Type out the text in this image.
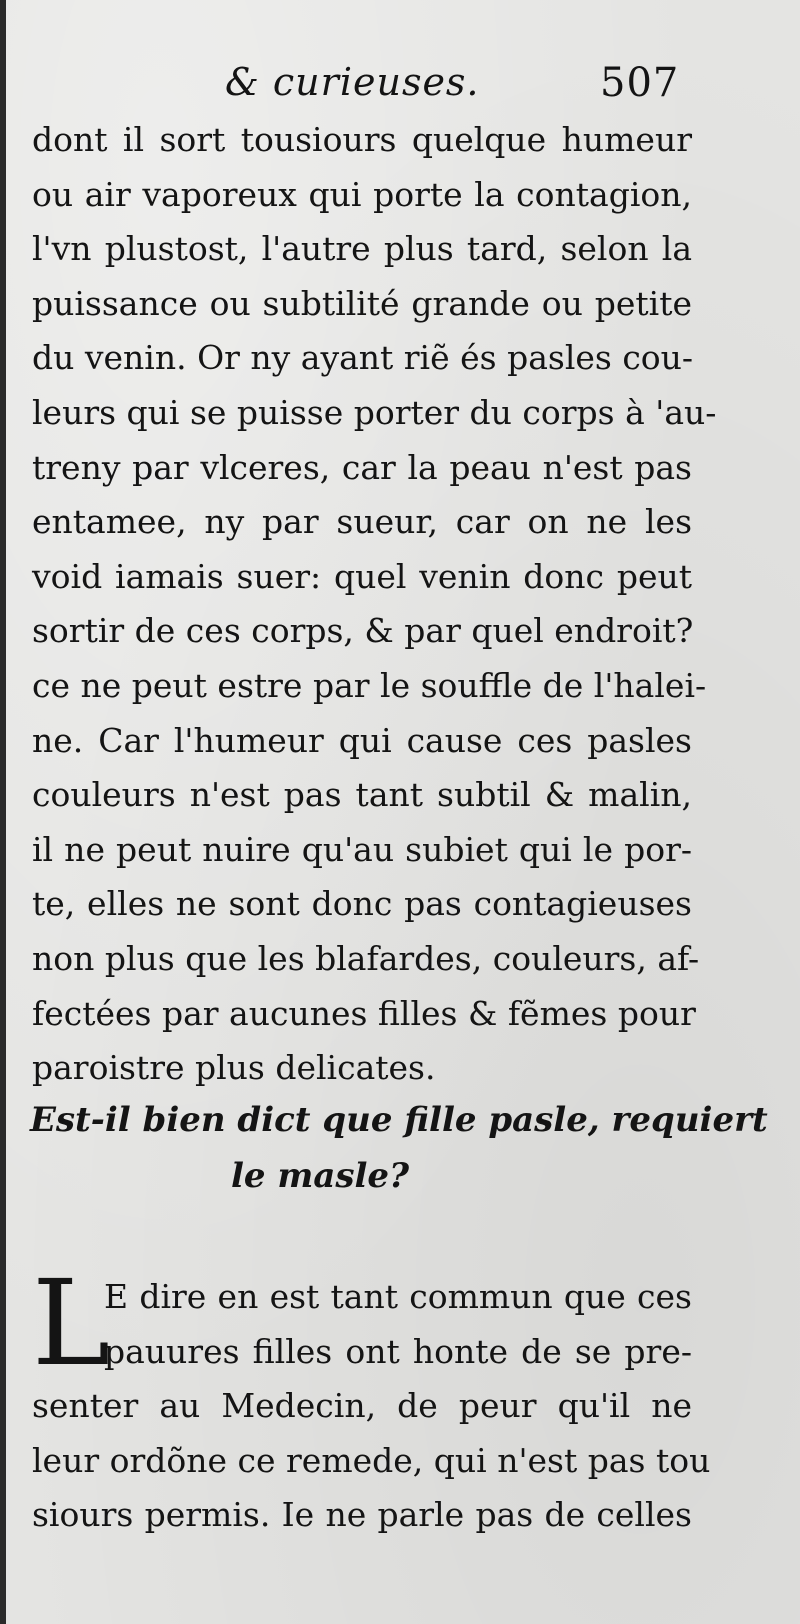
& curieuses.	507
dont il sort tousiours quelque humeur
ou air vaporeux qui porte la contagion,
l'vn plustost, l'autre plus tard, selon la
puissance ou subtilité grande ou petite
du venin. Or ny ayant riẽ és pasles cou-
leurs qui se puisse porter du corps à 'au-
treny par vlceres, car la peau n'est pas
entamee, ny par sueur, car on ne les
void iamais suer: quel venin donc peut
sortir de ces corps, & par quel endroit?
ce ne peut estre par le souffle de l'halei-
ne. Car l'humeur qui cause ces pasles
couleurs n'est pas tant subtil & malin,
il ne peut nuire qu'au subiet qui le por-
te, elles ne sont donc pas contagieuses
non plus que les blafardes, couleurs, af-
fectées par aucunes filles & fẽmes pour
paroistre plus delicates.
Est-il bien dict que fille pasle, requiert
le masle?
L
E dire en est tant commun que ces
pauures filles ont honte de se pre-
senter au Medecin, de peur qu'il ne
leur ordõne ce remede, qui n'est pas tou
siours permis. Ie ne parle pas de celles
